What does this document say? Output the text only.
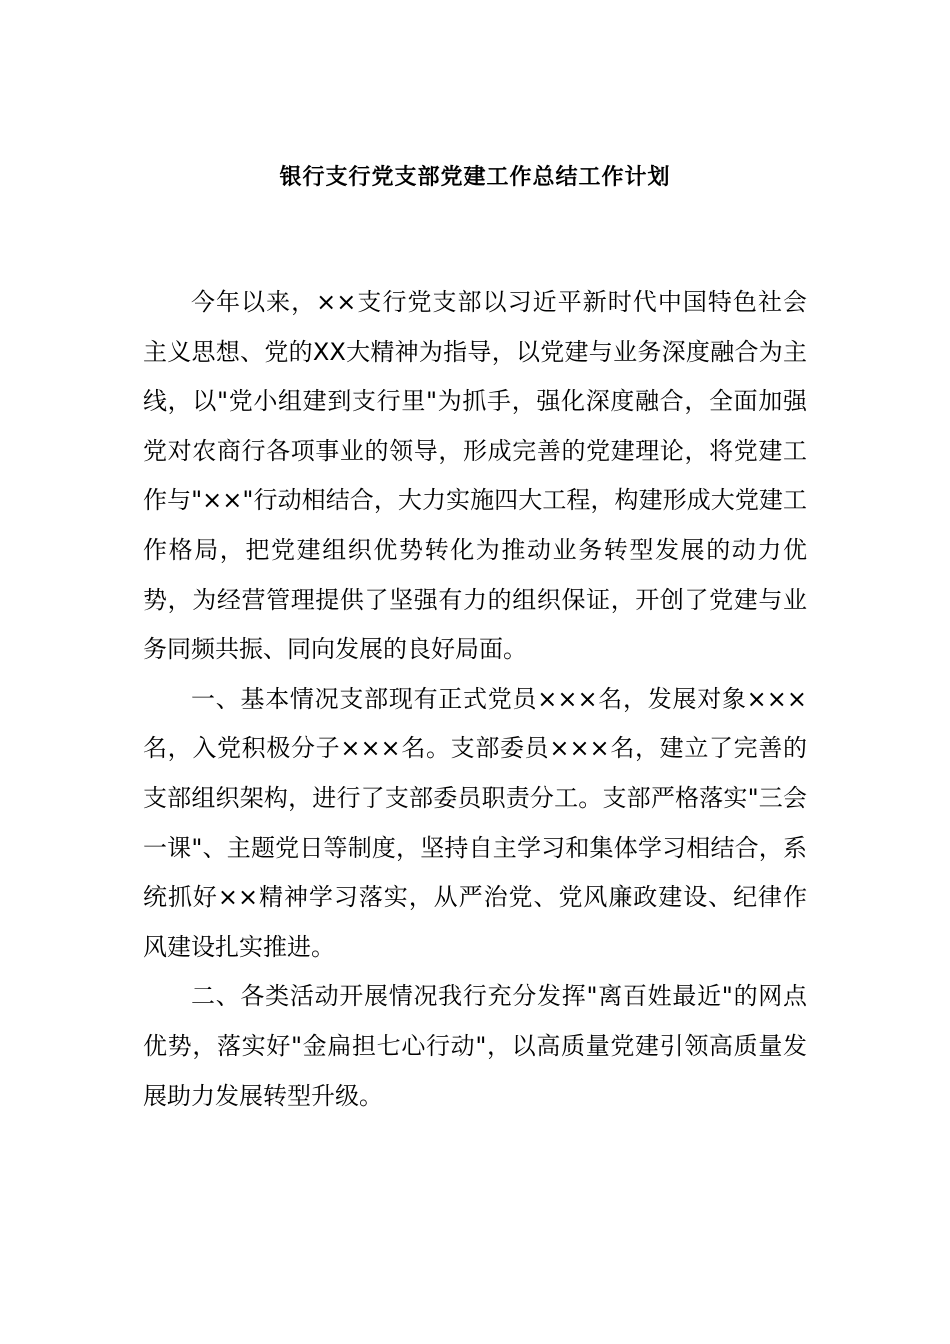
银行支行党支部党建工作总结工作计划

今年以来，××支行党支部以习近平新时代中国特色社会主义思想、党的XX大精神为指导，以党建与业务深度融合为主线，以"党小组建到支行里"为抓手，强化深度融合，全面加强党对农商行各项事业的领导，形成完善的党建理论，将党建工作与"××"行动相结合，大力实施四大工程，构建形成大党建工作格局，把党建组织优势转化为推动业务转型发展的动力优势，为经营管理提供了坚强有力的组织保证，开创了党建与业务同频共振、同向发展的良好局面。

一、基本情况支部现有正式党员×××名，发展对象×××名，入党积极分子×××名。支部委员×××名，建立了完善的支部组织架构，进行了支部委员职责分工。支部严格落实"三会一课"、主题党日等制度，坚持自主学习和集体学习相结合，系统抓好××精神学习落实，从严治党、党风廉政建设、纪律作风建设扎实推进。

二、各类活动开展情况我行充分发挥"离百姓最近"的网点优势，落实好"金扁担七心行动"，以高质量党建引领高质量发展助力发展转型升级。
